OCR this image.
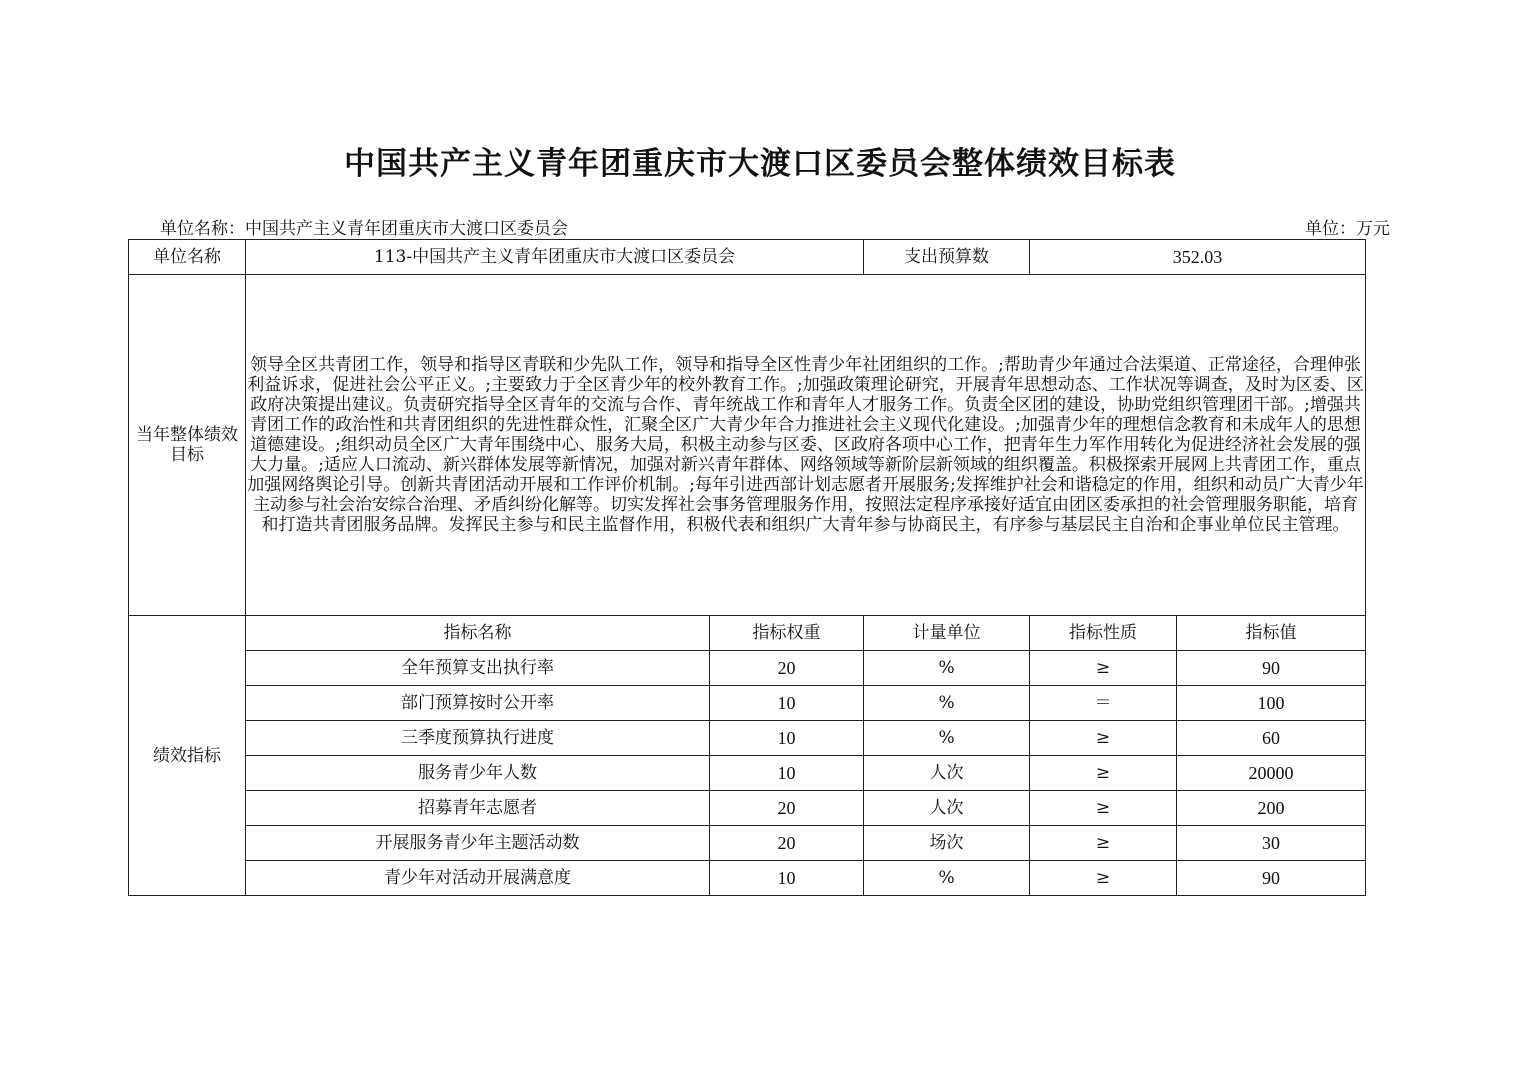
中国共产主义青年团重庆市大渡口区委员会整体绩效目标表
单位名称：中国共产主义青年团重庆市大渡口区委员会	单位：万元
单位名称	113-中国共产主义青年团重庆市大渡口区委员会		支出预算数	352.03	
当年整体绩效目标	领导全区共青团工作，领导和指导区青联和少先队工作，领导和指导全区性青少年社团组织的工作。;帮助青少年通过合法渠道、正常途径，合理伸张利益诉求，促进社会公平正义。;主要致力于全区青少年的校外教育工作。;加强政策理论研究，开展青年思想动态、工作状况等调查，及时为区委、区政府决策提出建议。负责研究指导全区青年的交流与合作、青年统战工作和青年人才服务工作。负责全区团的建设，协助党组织管理团干部。;增强共青团工作的政治性和共青团组织的先进性群众性，汇聚全区广大青少年合力推进社会主义现代化建设。;加强青少年的理想信念教育和未成年人的思想道德建设。;组织动员全区广大青年围绕中心、服务大局，积极主动参与区委、区政府各项中心工作，把青年生力军作用转化为促进经济社会发展的强大力量。;适应人口流动、新兴群体发展等新情况，加强对新兴青年群体、网络领域等新阶层新领域的组织覆盖。积极探索开展网上共青团工作，重点加强网络舆论引导。创新共青团活动开展和工作评价机制。;每年引进西部计划志愿者开展服务;发挥维护社会和谐稳定的作用，组织和动员广大青少年主动参与社会治安综合治理、矛盾纠纷化解等。切实发挥社会事务管理服务作用，按照法定程序承接好适宜由团区委承担的社会管理服务职能，培育和打造共青团服务品牌。发挥民主参与和民主监督作用，积极代表和组织广大青年参与协商民主，有序参与基层民主自治和企事业单位民主管理。				
绩效指标	指标名称	指标权重	计量单位	指标性质	指标值
	全年预算支出执行率	20	%	≥	90
	部门预算按时公开率	10	%	＝	100
	三季度预算执行进度	10	%	≥	60
	服务青少年人数	10	人次	≥	20000
	招募青年志愿者	20	人次	≥	200
	开展服务青少年主题活动数	20	场次	≥	30
	青少年对活动开展满意度	10	%	≥	90
